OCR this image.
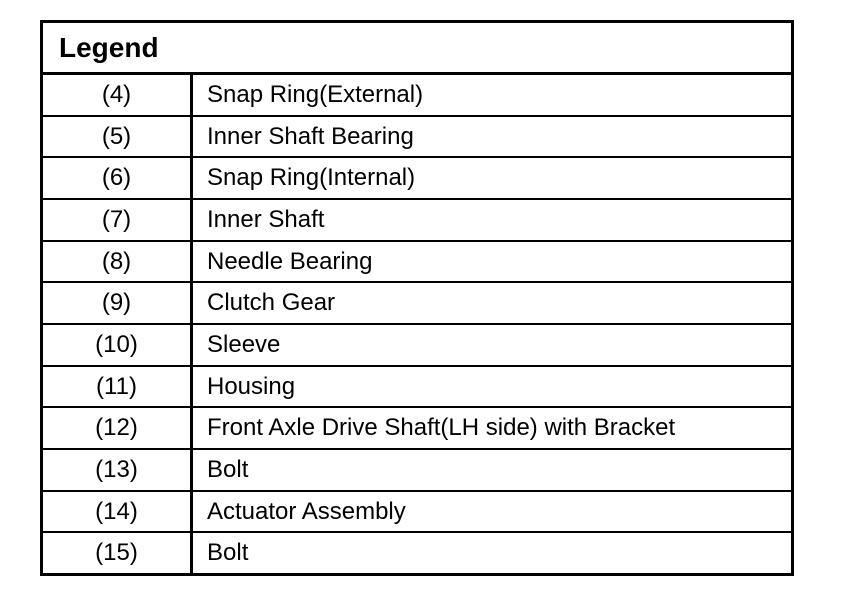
Legend
(4)	Snap Ring(External)
(5)	Inner Shaft Bearing
(6)	Snap Ring(Internal)
(7)	Inner Shaft
(8)	Needle Bearing
(9)	Clutch Gear
(10)	Sleeve
(11)	Housing
(12)	Front Axle Drive Shaft(LH side) with Bracket
(13)	Bolt
(14)	Actuator Assembly
(15)	Bolt
